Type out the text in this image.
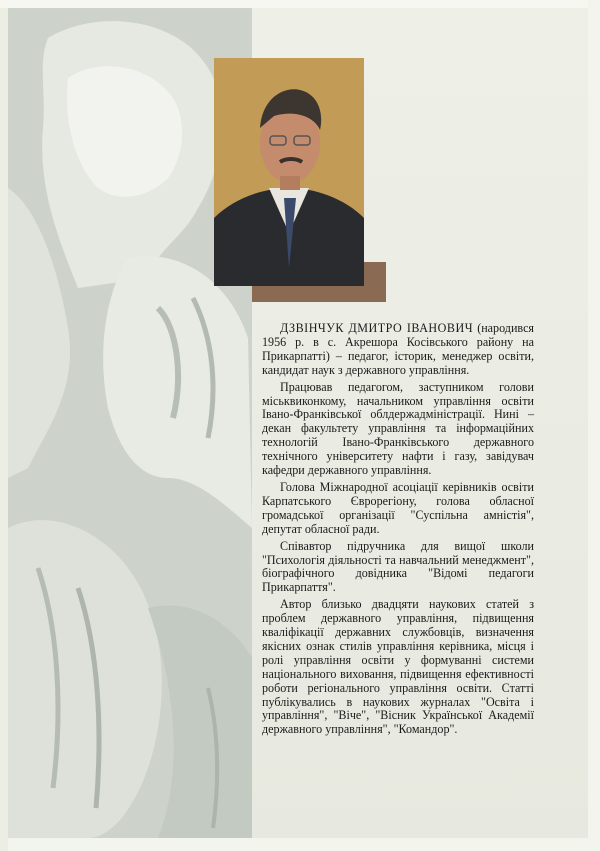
ДЗВІНЧУК ДМИТРО ІВАНОВИЧ (народився 1956 р. в с. Акрешора Косівського району на Прикарпатті) – педагог, історик, менеджер освіти, кандидат наук з державного управління.

Працював педагогом, заступником голови міськвиконкому, начальником управління освіти Івано-Франківської облдержадміністрації. Нині – декан факультету управління та інформаційних технологій Івано-Франківського державного технічного університету нафти і газу, завідувач кафедри державного управління.

Голова Міжнародної асоціації керівників освіти Карпатського Єврорегіону, голова обласної громадської організації "Суспільна амністія", депутат обласної ради.

Співавтор підручника для вищої школи "Психологія діяльності та навчальний менеджмент", біографічного довідника "Відомі педагоги Прикарпаття".

Автор близько двадцяти наукових статей з проблем державного управління, підвищення кваліфікації державних службовців, визначення якісних ознак стилів управління керівника, місця і ролі управління освіти у формуванні системи національного виховання, підвищення ефективності роботи регіонального управління освіти. Статті публікувались в наукових журналах "Освіта і управління", "Віче", "Вісник Української Академії державного управління", "Командор".
